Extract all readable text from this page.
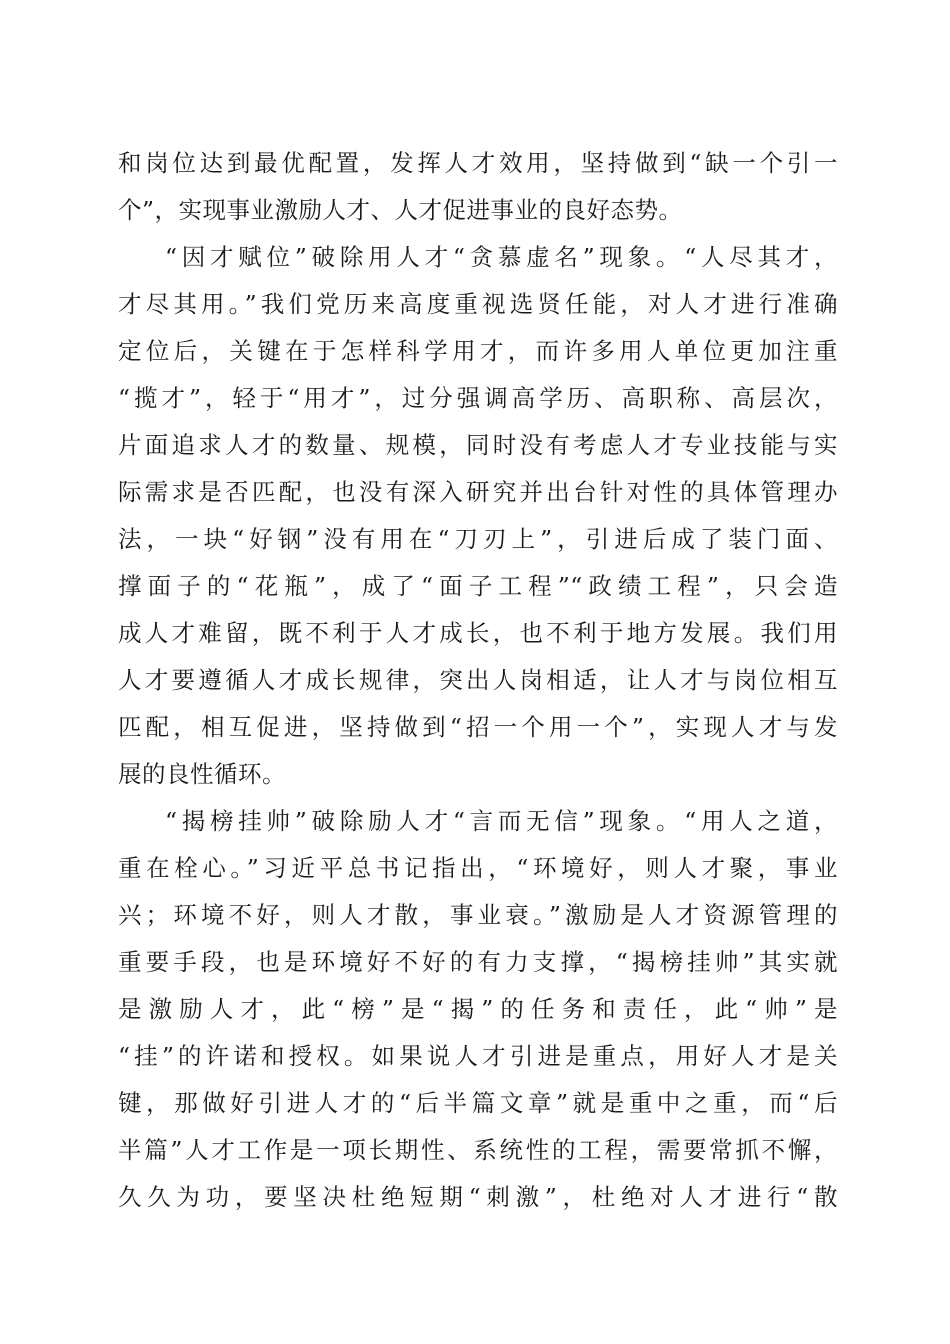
和岗位达到最优配置，发挥人才效用，坚持做到“缺一个引一
个”，实现事业激励人才、人才促进事业的良好态势。
“因才赋位”破除用人才“贪慕虚名”现象。“人尽其才，
才尽其用。”我们党历来高度重视选贤任能，对人才进行准确
定位后，关键在于怎样科学用才，而许多用人单位更加注重
“揽才”，轻于“用才”，过分强调高学历、高职称、高层次，
片面追求人才的数量、规模，同时没有考虑人才专业技能与实
际需求是否匹配，也没有深入研究并出台针对性的具体管理办
法，一块“好钢”没有用在“刀刃上”，引进后成了装门面、
撑面子的“花瓶”，成了“面子工程”“政绩工程”，只会造
成人才难留，既不利于人才成长，也不利于地方发展。我们用
人才要遵循人才成长规律，突出人岗相适，让人才与岗位相互
匹配，相互促进，坚持做到“招一个用一个”，实现人才与发
展的良性循环。
“揭榜挂帅”破除励人才“言而无信”现象。“用人之道，
重在栓心。”习近平总书记指出，“环境好，则人才聚，事业
兴；环境不好，则人才散，事业衰。”激励是人才资源管理的
重要手段，也是环境好不好的有力支撑，“揭榜挂帅”其实就
是激励人才，此“榜”是“揭”的任务和责任，此“帅”是
“挂”的许诺和授权。如果说人才引进是重点，用好人才是关
键，那做好引进人才的“后半篇文章”就是重中之重，而“后
半篇”人才工作是一项长期性、系统性的工程，需要常抓不懈，
久久为功，要坚决杜绝短期“刺激”，杜绝对人才进行“散
